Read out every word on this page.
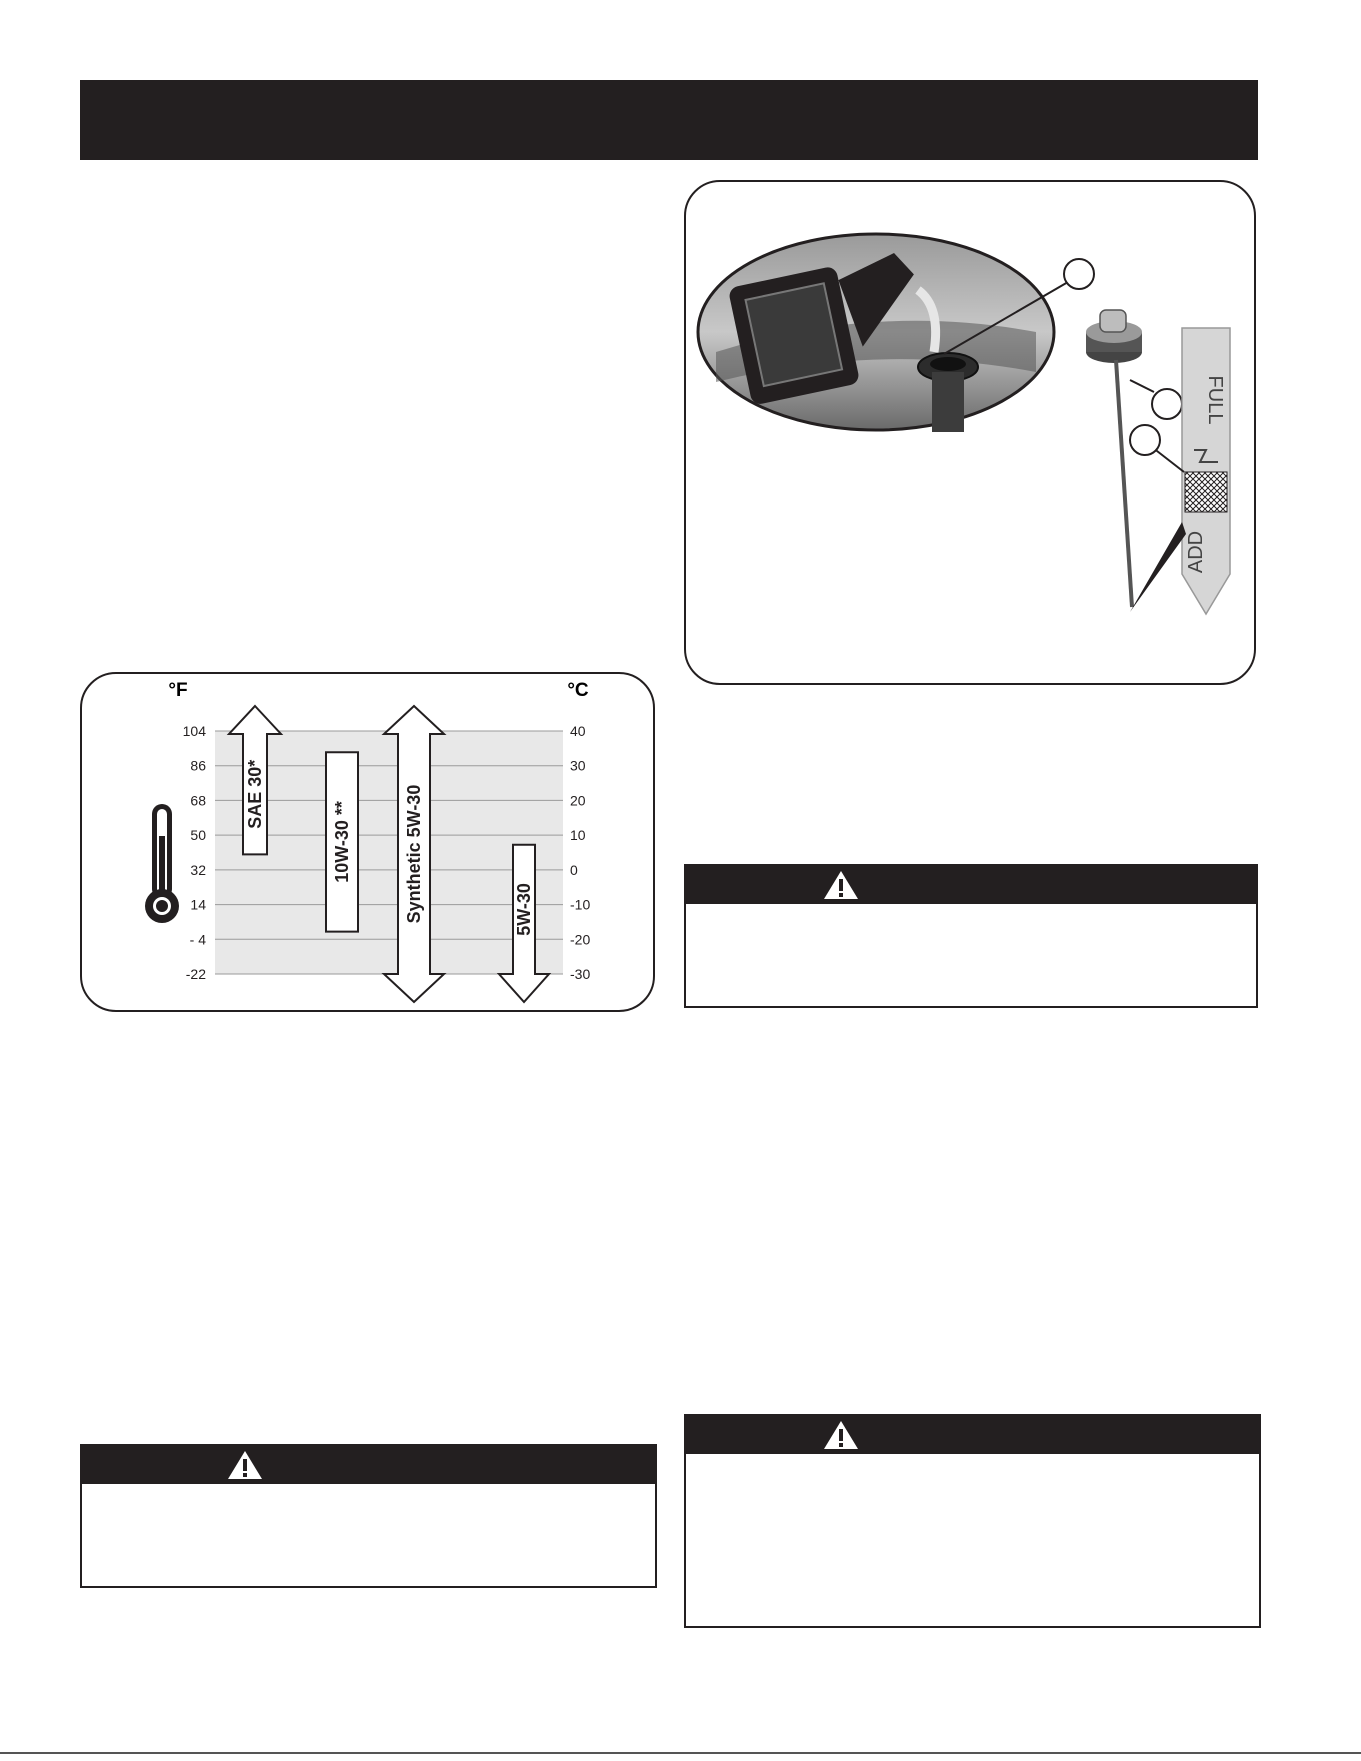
°F	°C
104
86
68
50
32
14
- 4
-22
40
30
20
10
0
-10
-20
-30
SAE 30*
10W-30 **	Synthetic 5W-30	5W-30
FULL
ADD
